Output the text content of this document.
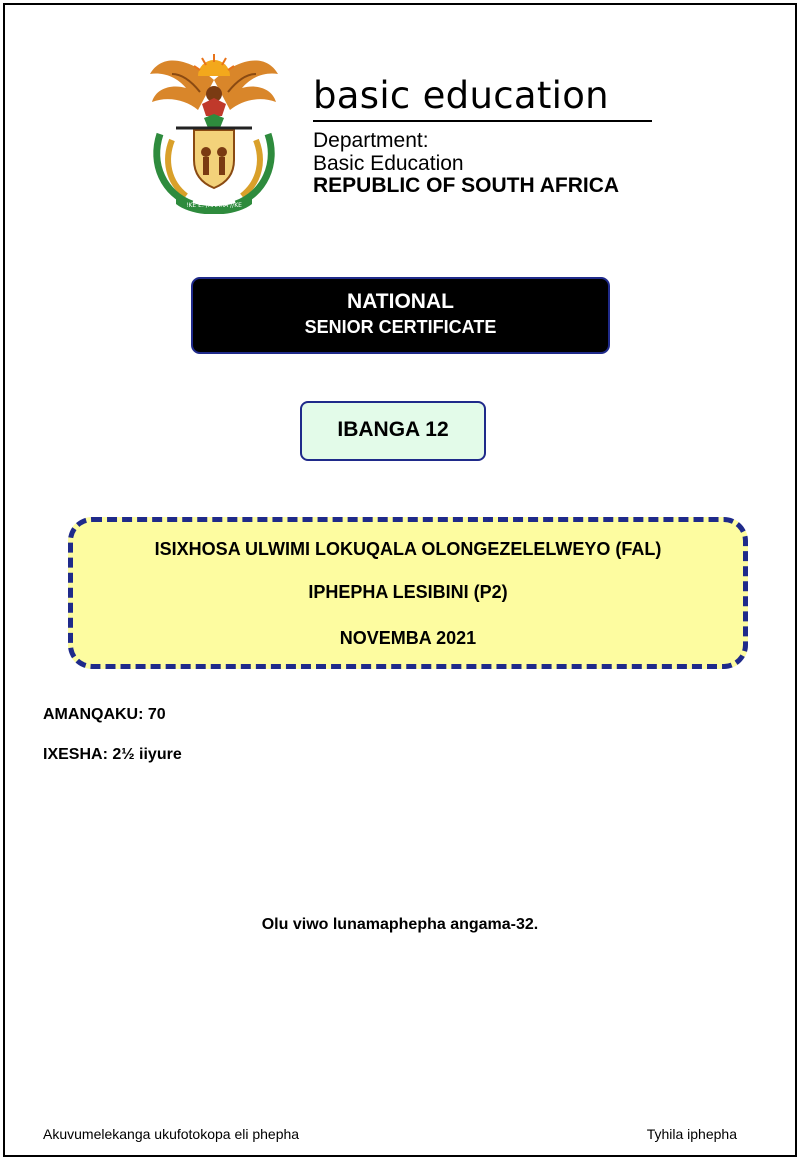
!KE E: /XARRA //KE
basic education
Department:
Basic Education
REPUBLIC OF SOUTH AFRICA
NATIONAL
SENIOR CERTIFICATE
IBANGA 12
ISIXHOSA ULWIMI LOKUQALA OLONGEZELELWEYO (FAL)
IPHEPHA LESIBINI (P2)
NOVEMBA 2021
AMANQAKU: 70
IXESHA: 2½ iiyure
Olu viwo lunamaphepha angama-32.
Akuvumelekanga ukufotokopa eli phepha	Tyhila iphepha
